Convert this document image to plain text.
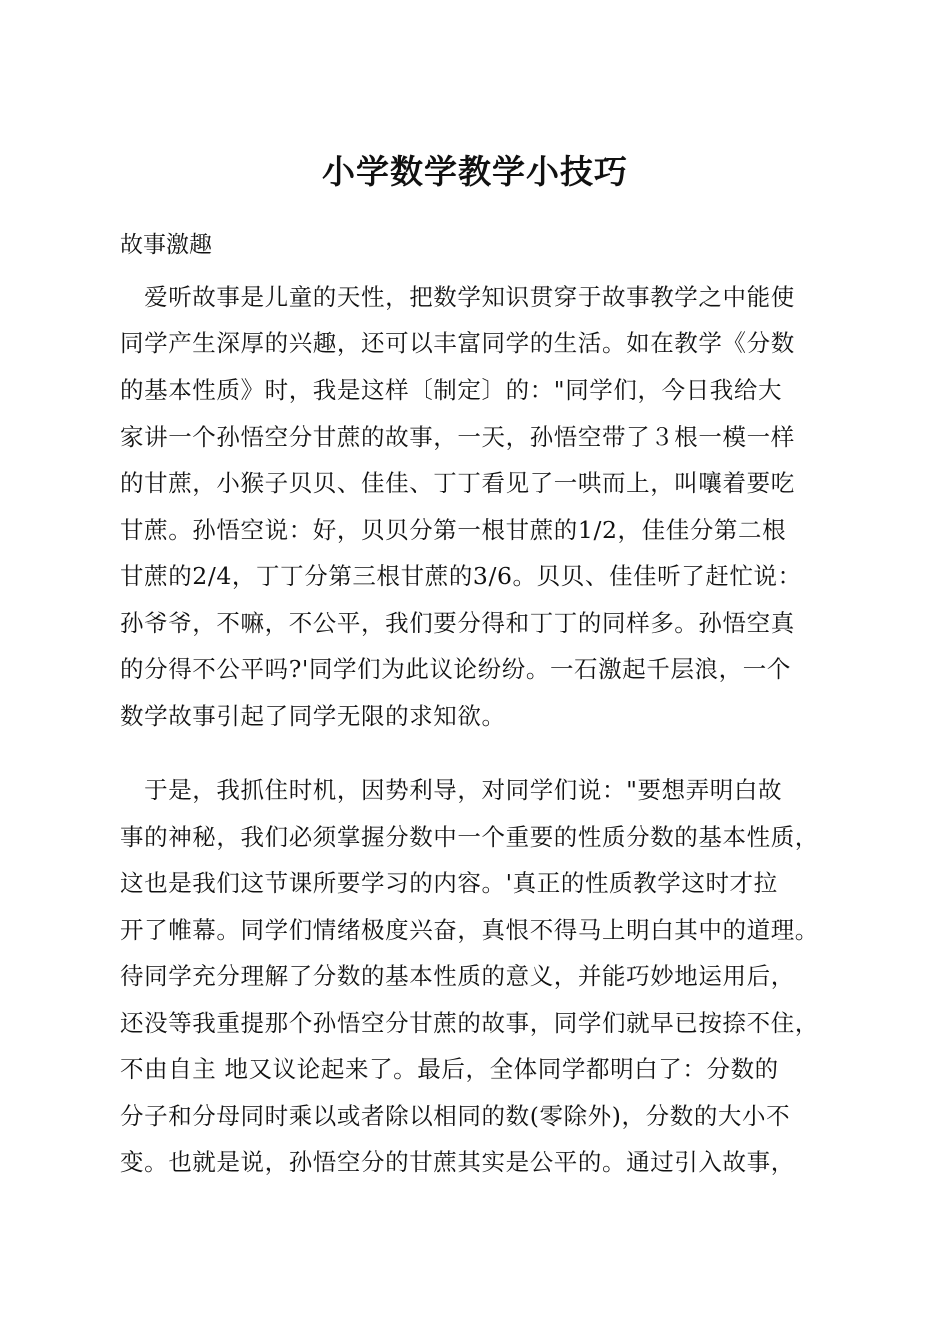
小学数学教学小技巧
故事激趣
　爱听故事是儿童的天性，把数学知识贯穿于故事教学之中能使
同学产生深厚的兴趣，还可以丰富同学的生活。如在教学《分数
的基本性质》时，我是这样〔制定〕的："同学们，今日我给大
家讲一个孙悟空分甘蔗的故事，一天，孙悟空带了３根一模一样
的甘蔗，小猴子贝贝、佳佳、丁丁看见了一哄而上，叫嚷着要吃
甘蔗。孙悟空说：好，贝贝分第一根甘蔗的1/2，佳佳分第二根
甘蔗的2/4，丁丁分第三根甘蔗的3/6。贝贝、佳佳听了赶忙说：
孙爷爷，不嘛，不公平，我们要分得和丁丁的同样多。孙悟空真
的分得不公平吗?'同学们为此议论纷纷。一石激起千层浪，一个
数学故事引起了同学无限的求知欲。
　于是，我抓住时机，因势利导，对同学们说："要想弄明白故
事的神秘，我们必须掌握分数中一个重要的性质分数的基本性质，
这也是我们这节课所要学习的内容。'真正的性质教学这时才拉
开了帷幕。同学们情绪极度兴奋，真恨不得马上明白其中的道理。
待同学充分理解了分数的基本性质的意义，并能巧妙地运用后，
还没等我重提那个孙悟空分甘蔗的故事，同学们就早已按捺不住，
不由自主 地又议论起来了。最后，全体同学都明白了：分数的
分子和分母同时乘以或者除以相同的数(零除外)，分数的大小不
变。也就是说，孙悟空分的甘蔗其实是公平的。通过引入故事，
